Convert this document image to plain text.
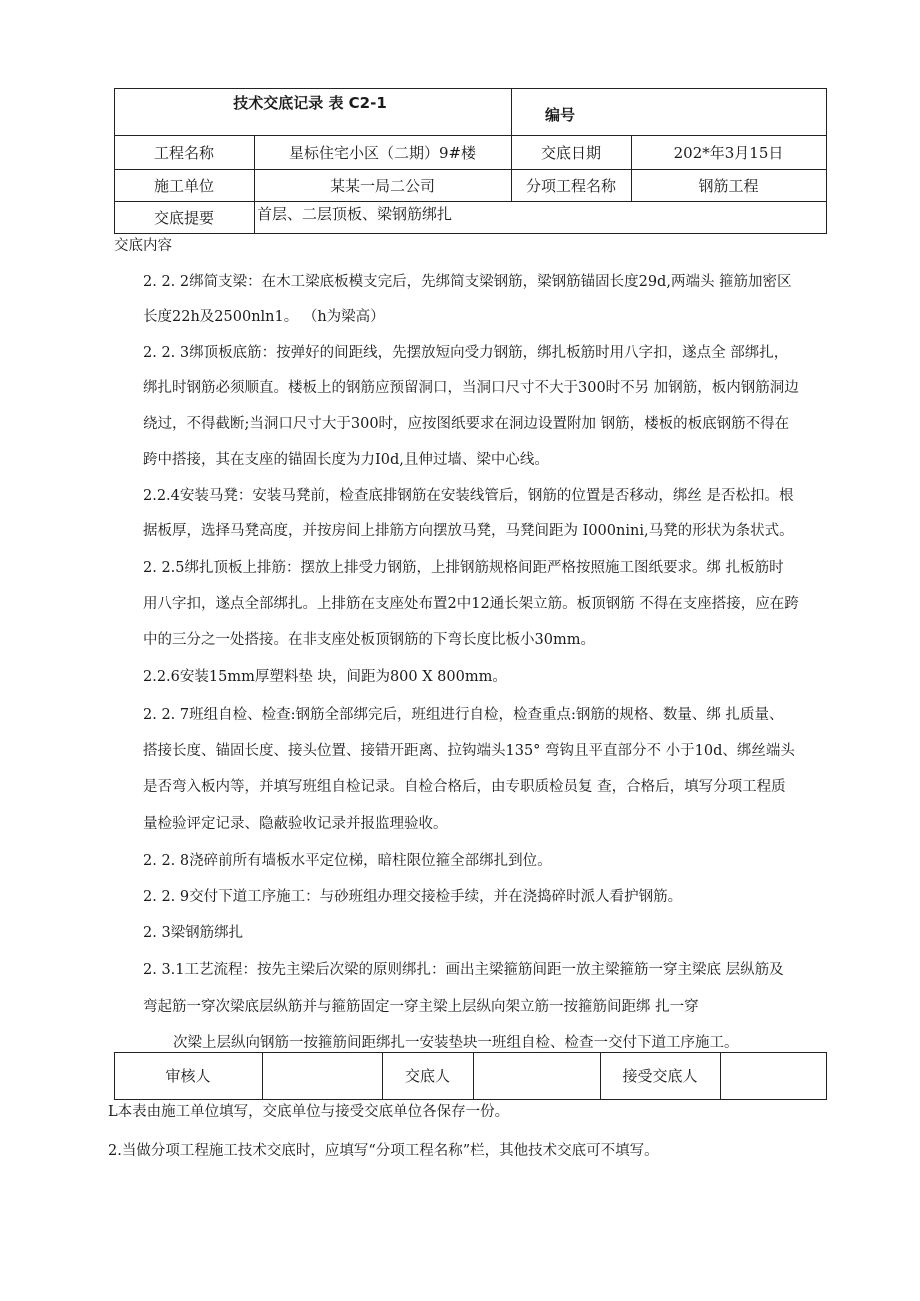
技术交底记录 表 C2-1
编号
工程名称	星标住宅小区（二期）9#楼	交底日期	202*年3月15日
施工单位	某某一局二公司	分项工程名称	钢筋工程
交底提要	首层、二层顶板、梁钢筋绑扎
交底内容

2. 2. 2绑简支梁：在木工梁底板模支完后，先绑简支梁钢筋，梁钢筋锚固长度29d,两端头 箍筋加密区

长度22h及2500nln1。 （h为梁高）

2. 2. 3绑顶板底筋：按弹好的间距线，先摆放短向受力钢筋，绑扎板筋时用八字扣，遂点全 部绑扎，

绑扎时钢筋必须顺直。楼板上的钢筋应预留洞口，当洞口尺寸不大于300时不另 加钢筋，板内钢筋洞边

绕过，不得截断;当洞口尺寸大于300时，应按图纸要求在洞边设置附加 钢筋，楼板的板底钢筋不得在

跨中搭接，其在支座的锚固长度为力I0d,且伸过墙、梁中心线。

2.2.4安装马凳：安装马凳前，检查底排钢筋在安装线管后，钢筋的位置是否移动，绑丝 是否松扣。根

据板厚，选择马凳高度，并按房间上排筋方向摆放马凳，马凳间距为 I000nini,马凳的形状为条状式。

2. 2.5绑扎顶板上排筋：摆放上排受力钢筋，上排钢筋规格间距严格按照施工图纸要求。绑 扎板筋时

用八字扣，遂点全部绑扎。上排筋在支座处布置2中12通长架立筋。板顶钢筋 不得在支座搭接，应在跨

中的三分之一处搭接。在非支座处板顶钢筋的下弯长度比板小30mm。

2.2.6安装15mm厚塑料垫 块，间距为800 X 800mm。

2. 2. 7班组自检、检查:钢筋全部绑完后，班组进行自检，检查重点:钢筋的规格、数量、绑 扎质量、

搭接长度、锚固长度、接头位置、接错开距离、拉钩端头135° 弯钩且平直部分不 小于10d、绑丝端头

是否弯入板内等，并填写班组自检记录。自检合格后，由专职质检员复 查，合格后，填写分项工程质

量检验评定记录、隐蔽验收记录并报监理验收。

2. 2. 8浇碎前所有墙板水平定位梯，暗柱限位箍全部绑扎到位。

2. 2. 9交付下道工序施工：与砂班组办理交接检手续，并在浇捣碎时派人看护钢筋。

2. 3梁钢筋绑扎

2. 3.1工艺流程：按先主梁后次梁的原则绑扎：画出主梁箍筋间距一放主梁箍筋一穿主梁底 层纵筋及

弯起筋一穿次梁底层纵筋并与箍筋固定一穿主梁上层纵向架立筋一按箍筋间距绑 扎一穿

次梁上层纵向钢筋一按箍筋间距绑扎一安装垫块一班组自检、检查一交付下道工序施工。

审核人	交底人	接受交底人

L本表由施工单位填写，交底单位与接受交底单位各保存一份。

2.当做分项工程施工技术交底时，应填写“分项工程名称”栏，其他技术交底可不填写。
